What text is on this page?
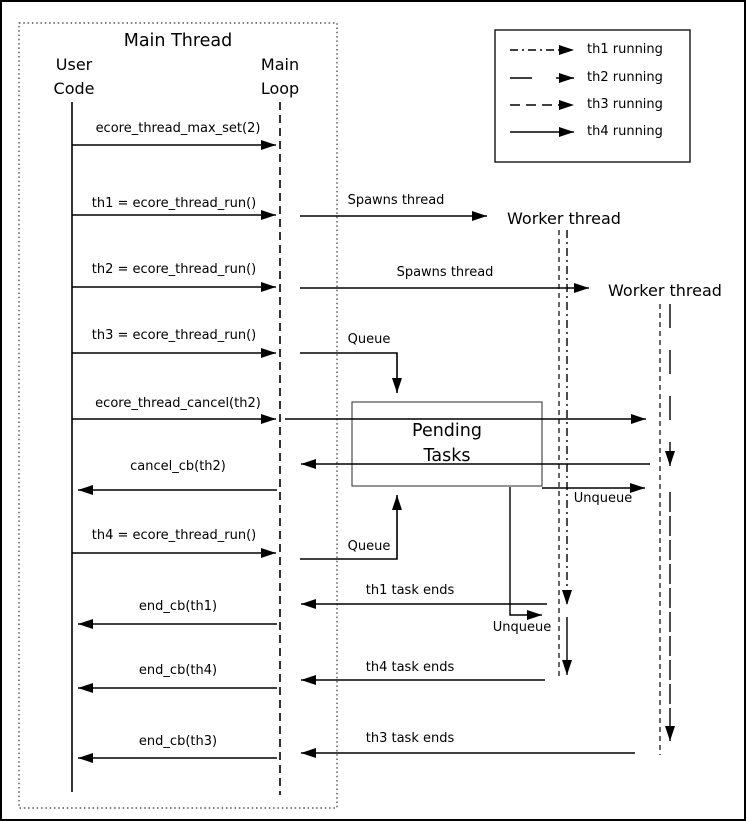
Main Thread
User
Code
Main
Loop
Worker thread
Worker thread
th1 running
th2 running
th3 running
th4 running
Pending
Tasks
ecore_thread_max_set(2)
th1 = ecore_thread_run()	Spawns thread
th2 = ecore_thread_run()	Spawns thread
th3 = ecore_thread_run()	Queue
ecore_thread_cancel(th2)
cancel_cb(th2)
Unqueue
th4 = ecore_thread_run()
Queue
th1 task ends
end_cb(th1)
Unqueue
th4 task ends
end_cb(th4)
th3 task ends
end_cb(th3)
